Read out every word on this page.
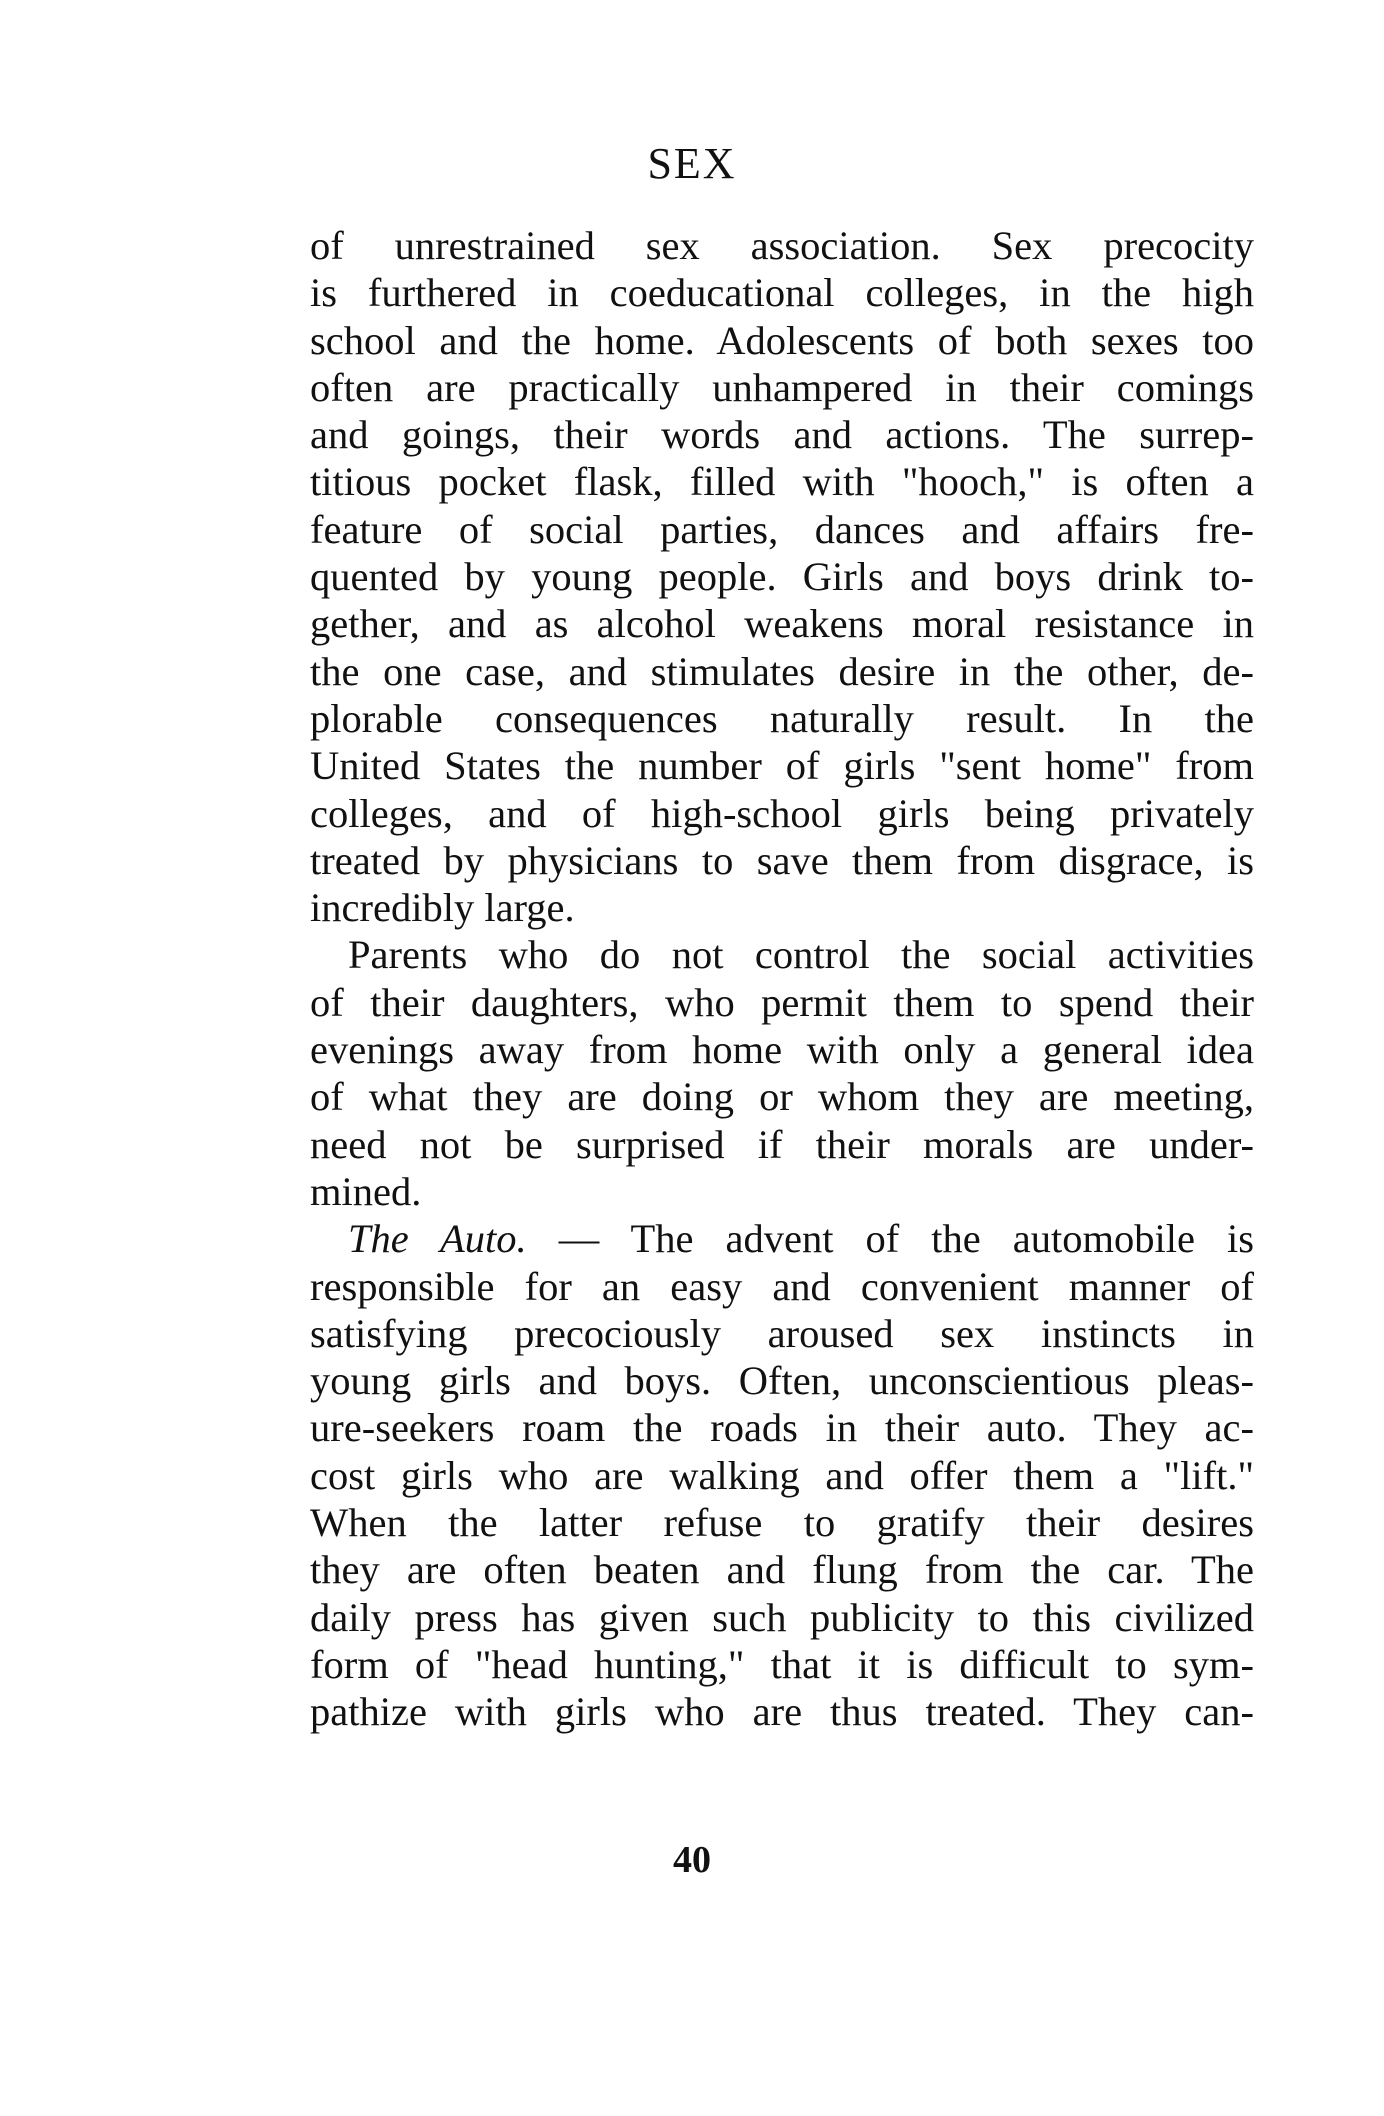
SEX
of unrestrained sex association. Sex precocity
is furthered in coeducational colleges, in the high
school and the home. Adolescents of both sexes too
often are practically unhampered in their comings
and goings, their words and actions. The surrep-
titious pocket flask, filled with "hooch," is often a
feature of social parties, dances and affairs fre-
quented by young people. Girls and boys drink to-
gether, and as alcohol weakens moral resistance in
the one case, and stimulates desire in the other, de-
plorable consequences naturally result. In the
United States the number of girls "sent home" from
colleges, and of high-school girls being privately
treated by physicians to save them from disgrace, is
incredibly large.
Parents who do not control the social activities
of their daughters, who permit them to spend their
evenings away from home with only a general idea
of what they are doing or whom they are meeting,
need not be surprised if their morals are under-
mined.
The Auto. — The advent of the automobile is
responsible for an easy and convenient manner of
satisfying precociously aroused sex instincts in
young girls and boys. Often, unconscientious pleas-
ure-seekers roam the roads in their auto. They ac-
cost girls who are walking and offer them a "lift."
When the latter refuse to gratify their desires
they are often beaten and flung from the car. The
daily press has given such publicity to this civilized
form of "head hunting," that it is difficult to sym-
pathize with girls who are thus treated. They can-
40
